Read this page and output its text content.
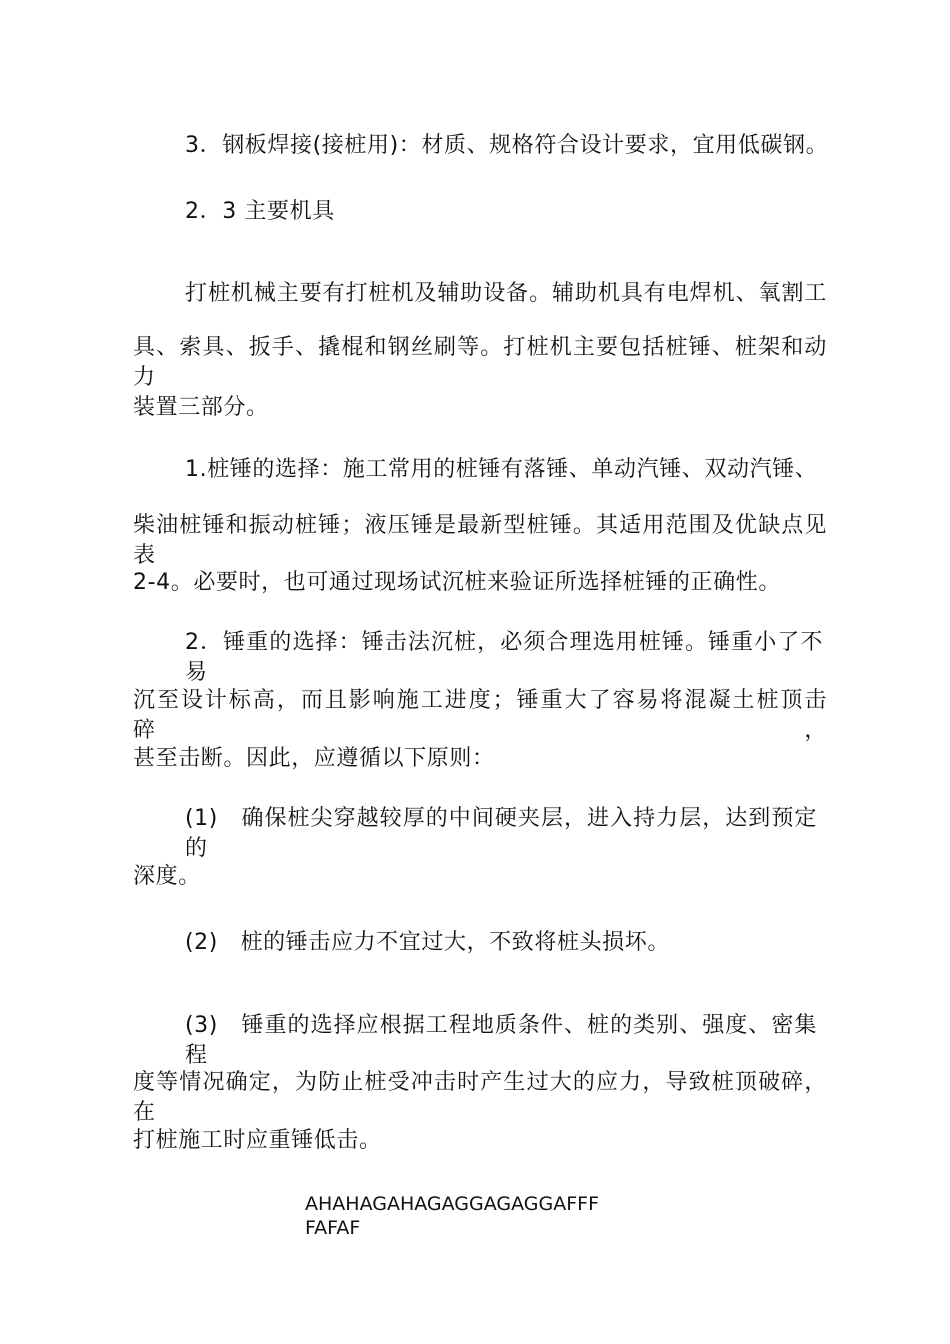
3．钢板焊接(接桩用)：材质、规格符合设计要求，宜用低碳钢。
2．3 主要机具
打桩机械主要有打桩机及辅助设备。辅助机具有电焊机、氧割工
具、索具、扳手、撬棍和钢丝刷等。打桩机主要包括桩锤、桩架和动力
装置三部分。
1.桩锤的选择：施工常用的桩锤有落锤、单动汽锤、双动汽锤、
柴油桩锤和振动桩锤；液压锤是最新型桩锤。其适用范围及优缺点见表
2-4。必要时，也可通过现场试沉桩来验证所选择桩锤的正确性。
2．锤重的选择：锤击法沉桩，必须合理选用桩锤。锤重小了不易
沉至设计标高，而且影响施工进度；锤重大了容易将混凝土桩顶击碎，
甚至击断。因此，应遵循以下原则：
(1)　确保桩尖穿越较厚的中间硬夹层，进入持力层，达到预定的
深度。
(2)　桩的锤击应力不宜过大，不致将桩头损坏。
(3)　锤重的选择应根据工程地质条件、桩的类别、强度、密集程
度等情况确定，为防止桩受冲击时产生过大的应力，导致桩顶破碎，在
打桩施工时应重锤低击。
AHAHAGAHAGAGGAGAGGAFFF
FAFAF
